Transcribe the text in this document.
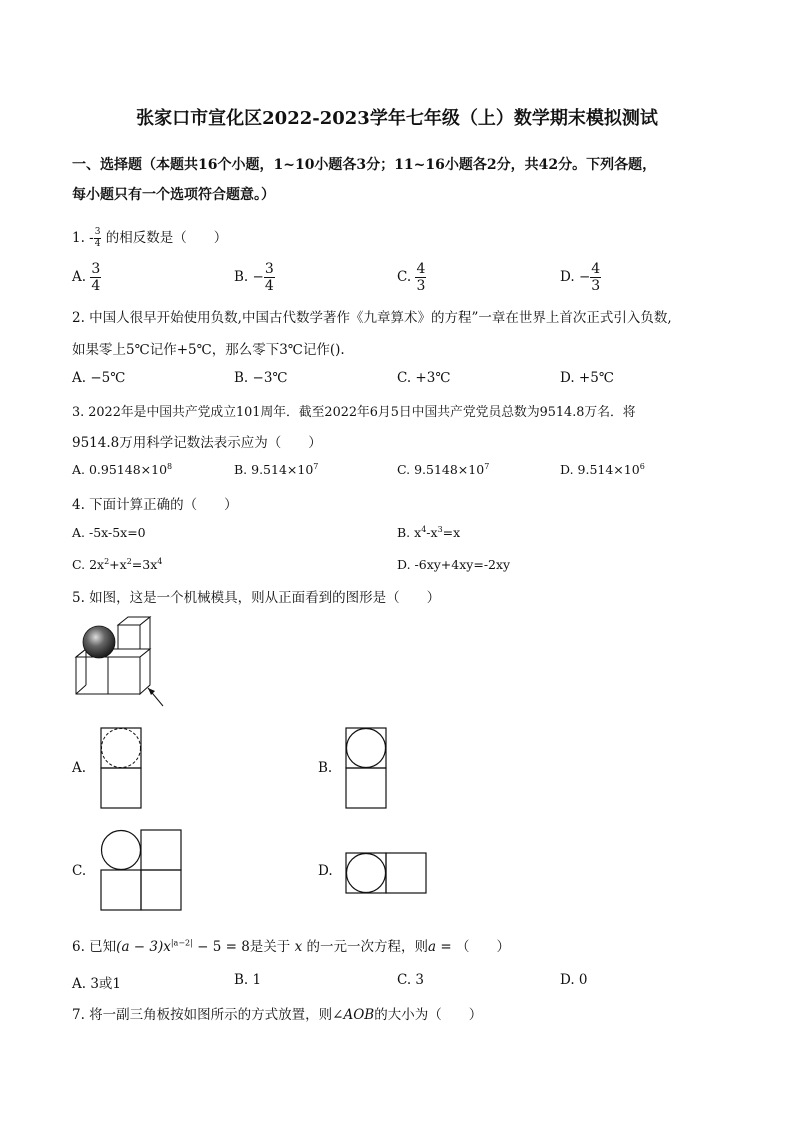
张家口市宣化区2022-2023学年七年级（上）数学期末模拟测试
一、选择题（本题共16个小题，1~10小题各3分；11~16小题各2分，共42分。下列各题，
每小题只有一个选项符合题意。）
1. - $\frac{3}{4}$ 的相反数是（　　）
A. $\frac{3}{4}$	B. − $\frac{3}{4}$	C. $\frac{4}{3}$	D. − $\frac{4}{3}$
2. 中国人很早开始使用负数,中国古代数学著作《九章算术》的方程”一章在世界上首次正式引入负数,
如果零上5℃记作+5℃，那么零下3℃记作().
A. −5℃	B. −3℃	C. +3℃	D. +5℃
3. 2022年是中国共产党成立101周年．截至2022年6月5日中国共产党党员总数为9514.8万名．将
9514.8万用科学记数法表示应为（　　）
A. $0.95148\times 10^8$	B. $9.514\times 10^7$	C. $9.5148\times 10^7$	D. $9.514\times 10^6$
4. 下面计算正确的（　　）
A. -5x-5x=0	B. $x^4-x^3=x$
C. $2x^2+x^2=3x^4$	D. -6xy+4xy=-2xy
5. 如图，这是一个机械模具，则从正面看到的图形是（　　）
A.	B.
C.	D.
6. 已知$(a - 3)x^{|a-2|} - 5 = 8$是关于 x 的一元一次方程，则a = （　　）
A. 3或1	B. 1	C. 3	D. 0
7. 将一副三角板按如图所示的方式放置，则∠AOB的大小为（　　）
